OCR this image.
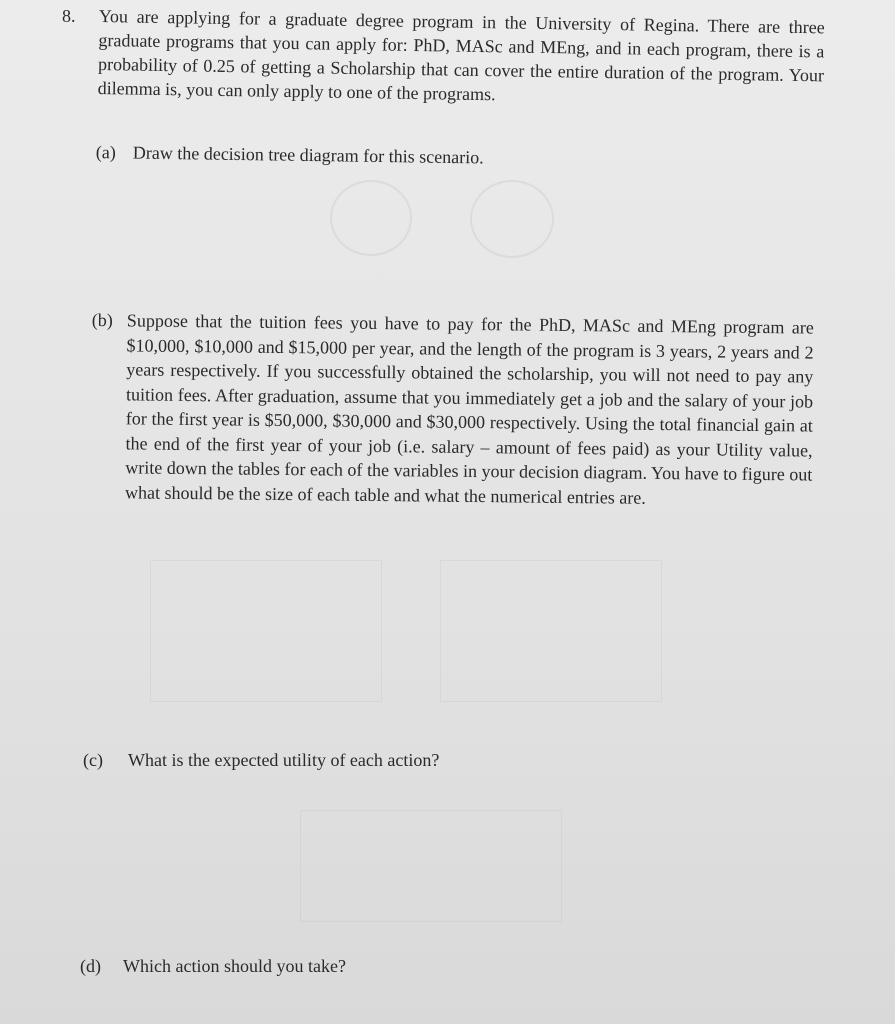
8. You are applying for a graduate degree program in the University of Regina. There are three graduate programs that you can apply for: PhD, MASc and MEng, and in each program, there is a probability of 0.25 of getting a Scholarship that can cover the entire duration of the program. Your dilemma is, you can only apply to one of the programs.
(a) Draw the decision tree diagram for this scenario.
(b) Suppose that the tuition fees you have to pay for the PhD, MASc and MEng program are $10,000, $10,000 and $15,000 per year, and the length of the program is 3 years, 2 years and 2 years respectively. If you successfully obtained the scholarship, you will not need to pay any tuition fees. After graduation, assume that you immediately get a job and the salary of your job for the first year is $50,000, $30,000 and $30,000 respectively. Using the total financial gain at the end of the first year of your job (i.e. salary – amount of fees paid) as your Utility value, write down the tables for each of the variables in your decision diagram. You have to figure out what should be the size of each table and what the numerical entries are.
(c)	What is the expected utility of each action?
(d)	Which action should you take?
